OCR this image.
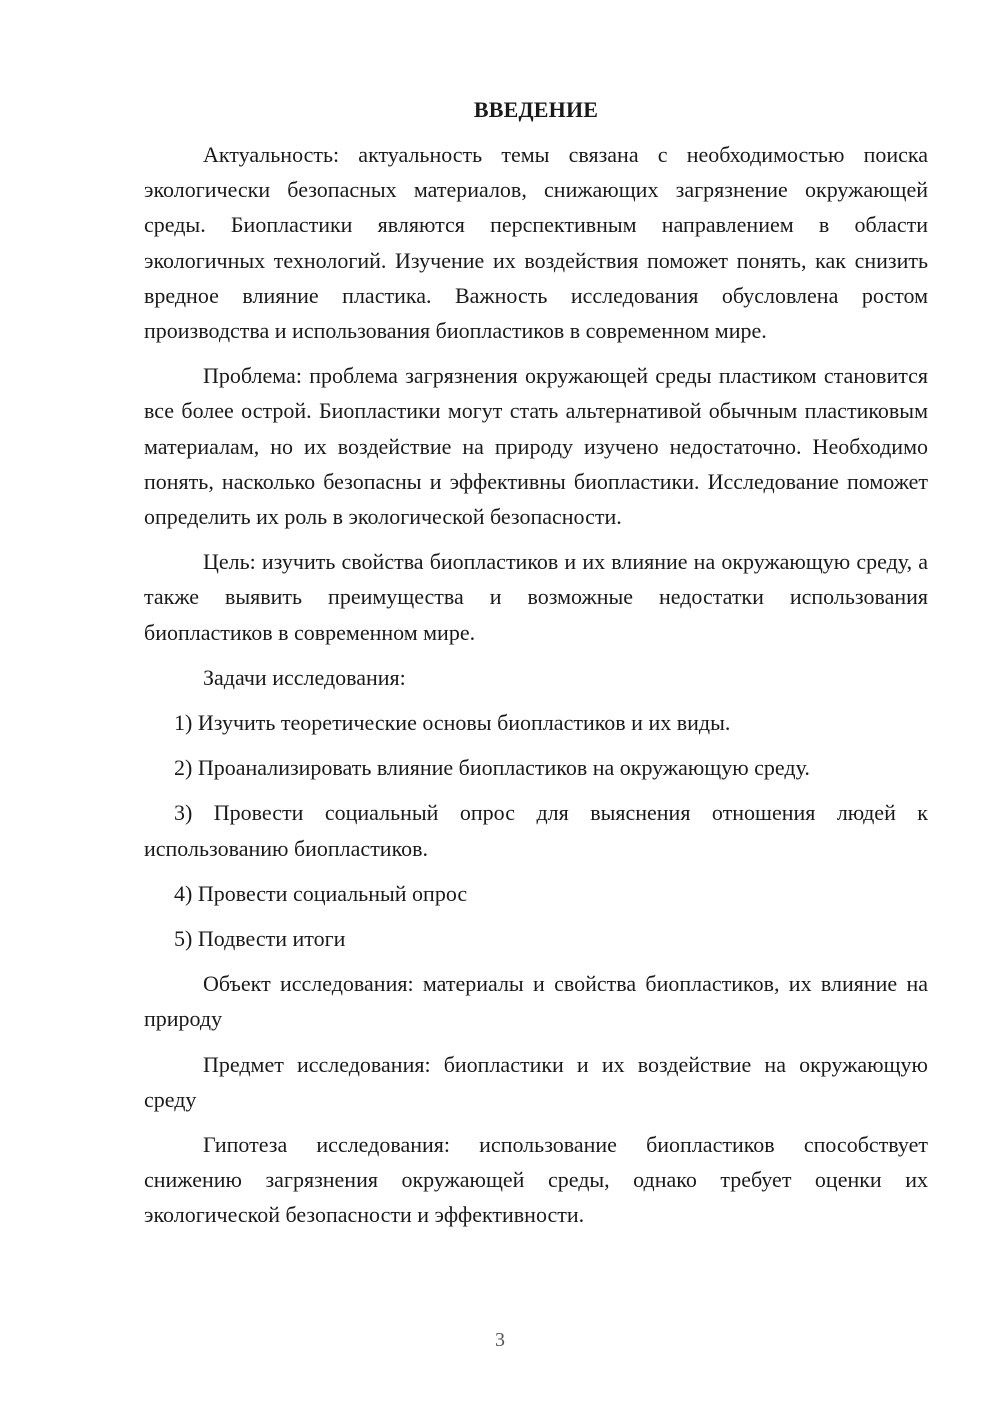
ВВЕДЕНИЕ

Актуальность: актуальность темы связана с необходимостью поиска экологически безопасных материалов, снижающих загрязнение окружающей среды. Биопластики являются перспективным направлением в области экологичных технологий. Изучение их воздействия поможет понять, как снизить вредное влияние пластика. Важность исследования обусловлена ростом производства и использования биопластиков в современном мире.

Проблема: проблема загрязнения окружающей среды пластиком становится все более острой. Биопластики могут стать альтернативой обычным пластиковым материалам, но их воздействие на природу изучено недостаточно. Необходимо понять, насколько безопасны и эффективны биопластики. Исследование поможет определить их роль в экологической безопасности.

Цель: изучить свойства биопластиков и их влияние на окружающую среду, а также выявить преимущества и возможные недостатки использования биопластиков в современном мире.

Задачи исследования:

1) Изучить теоретические основы биопластиков и их виды.

2) Проанализировать влияние биопластиков на окружающую среду.

3) Провести социальный опрос для выяснения отношения людей к использованию биопластиков.

4) Провести социальный опрос

5) Подвести итоги

Объект исследования: материалы и свойства биопластиков, их влияние на природу

Предмет исследования: биопластики и их воздействие на окружающую среду

Гипотеза исследования: использование биопластиков способствует снижению загрязнения окружающей среды, однако требует оценки их экологической безопасности и эффективности.

3
